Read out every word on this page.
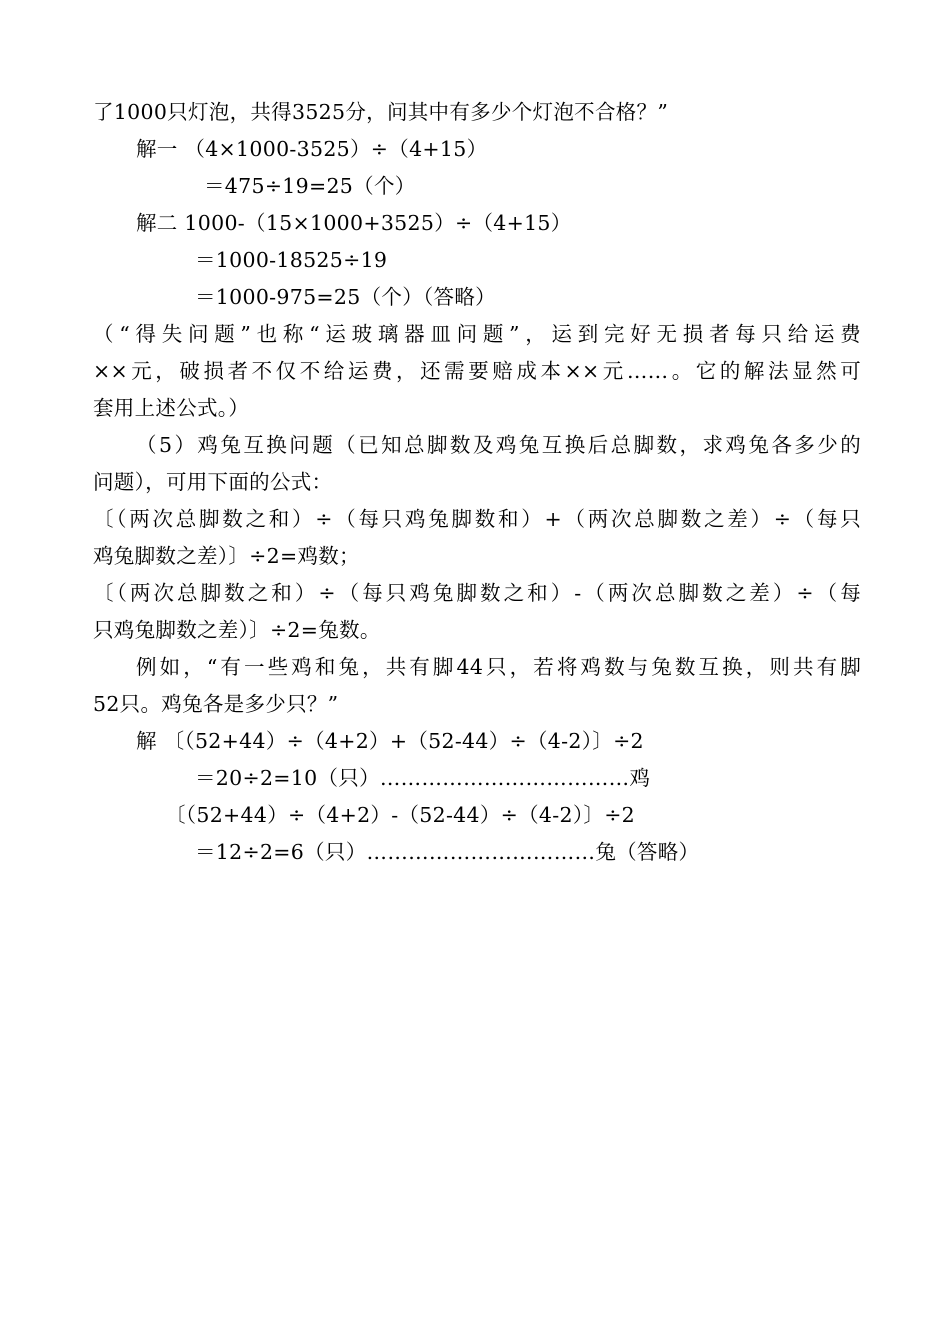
了1000只灯泡，共得3525分，问其中有多少个灯泡不合格？”
解一 （4×1000-3525）÷（4+15）
＝475÷19=25（个）
解二 1000-（15×1000+3525）÷（4+15）
＝1000-18525÷19
＝1000-975=25（个）（答略）
（“得失问题”也称“运玻璃器皿问题”，运到完好无损者每只给运费
××元，破损者不仅不给运费，还需要赔成本××元……。它的解法显然可
套用上述公式。）
（5）鸡兔互换问题（已知总脚数及鸡兔互换后总脚数，求鸡兔各多少的
问题），可用下面的公式：
〔（两次总脚数之和）÷（每只鸡兔脚数和）+（两次总脚数之差）÷（每只
鸡兔脚数之差）〕÷2=鸡数；
〔（两次总脚数之和）÷（每只鸡兔脚数之和）-（两次总脚数之差）÷（每
只鸡兔脚数之差）〕÷2=兔数。
例如，“有一些鸡和兔，共有脚44只，若将鸡数与兔数互换，则共有脚
52只。鸡兔各是多少只？”
解 〔（52+44）÷（4+2）+（52-44）÷（4-2）〕÷2
＝20÷2=10（只）………………………………鸡
〔（52+44）÷（4+2）-（52-44）÷（4-2）〕÷2
＝12÷2=6（只）……………………………兔（答略）
